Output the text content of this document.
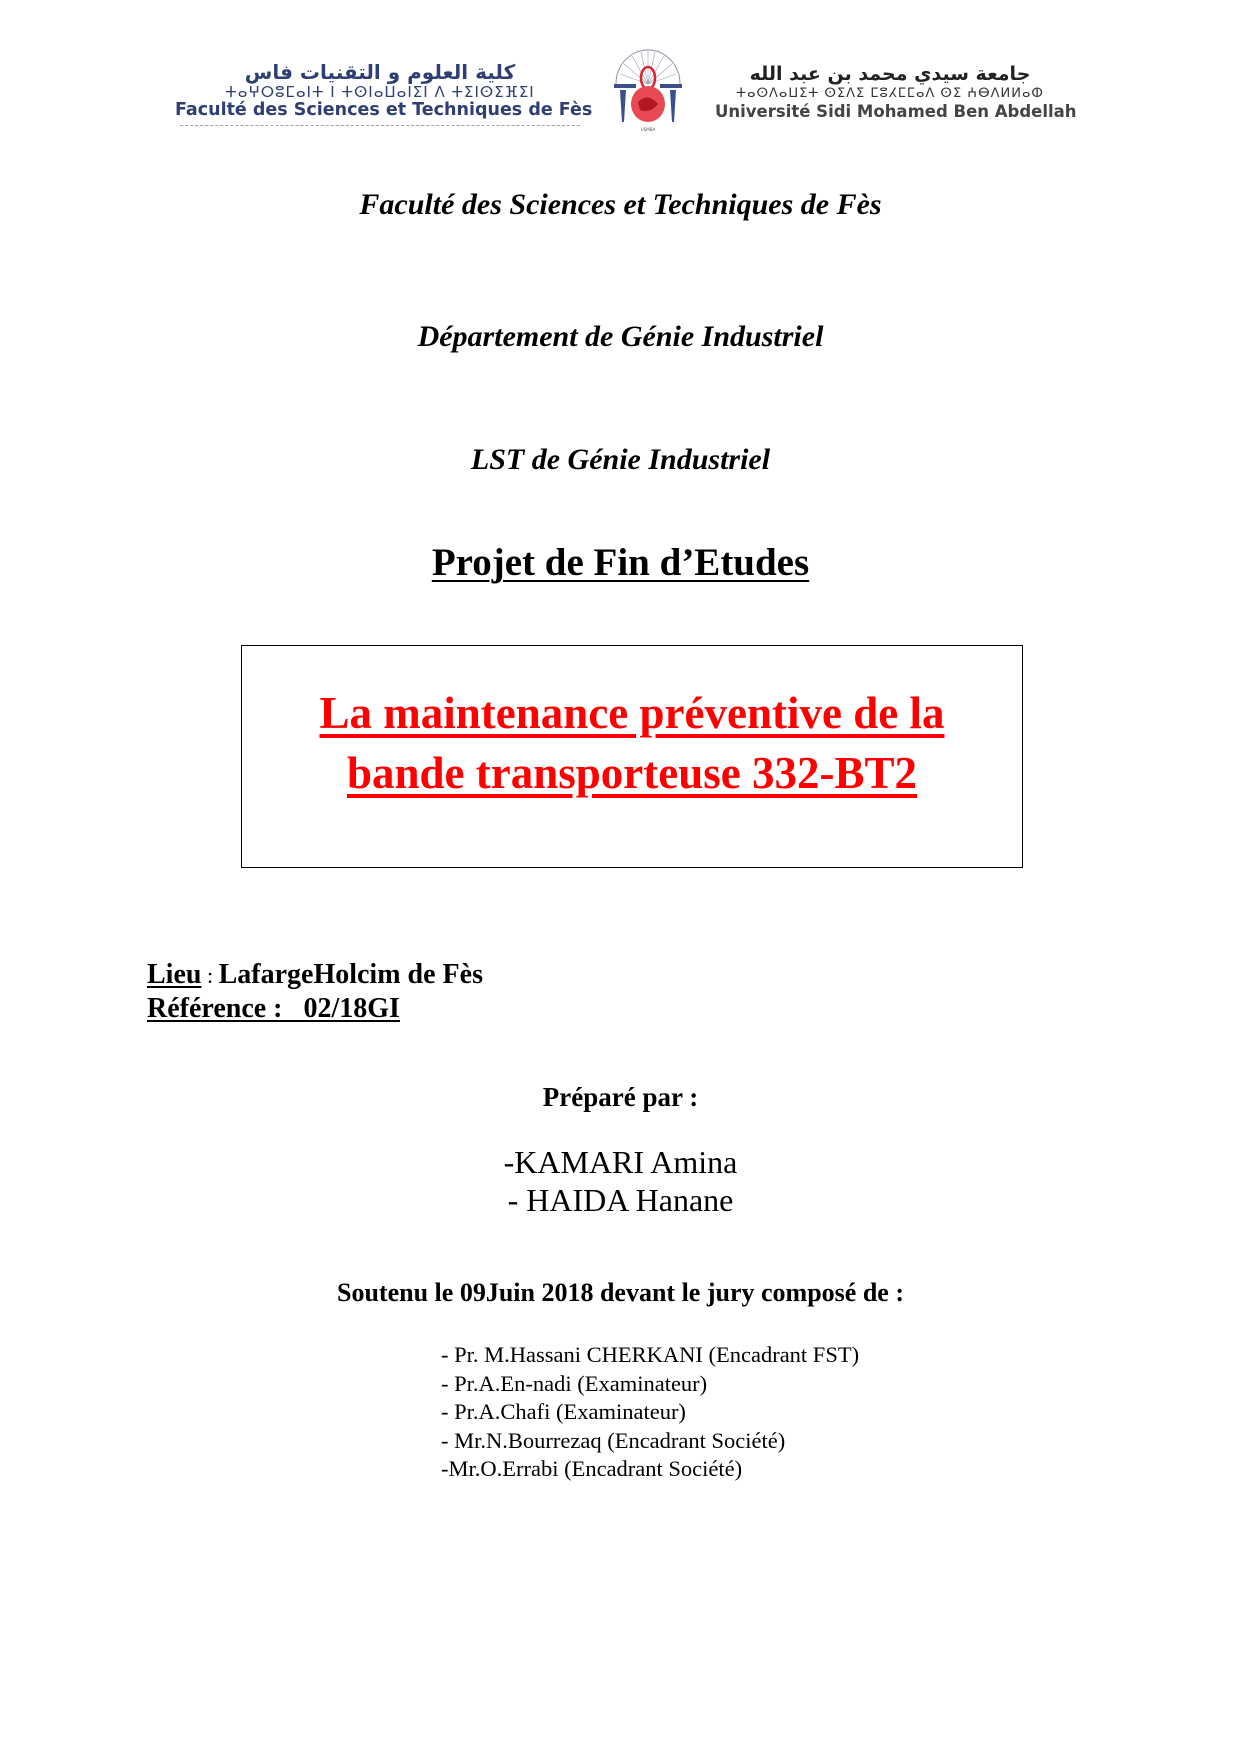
كلية العلوم و التقنيات فاس
ⵜⴰⵖⵔⵓⵎⴰⵏⵜ ⵏ ⵜⵙⵏⴰⵡⴰⵏⵉⵏ ⴷ ⵜⵉⵏⵙⵉⴼⵉⵏ
Faculté des Sciences et Techniques de Fès
USMBA
جامعة سيدي محمد بن عبد الله
ⵜⴰⵙⴷⴰⵡⵉⵜ ⵙⵉⴷⵉ ⵎⵓⵃⵎⵎⴰⴷ ⵙⵉ ⵄⴱⴷⵍⵍⴰⵀ
Université Sidi Mohamed Ben Abdellah
Faculté des Sciences et Techniques de Fès
Département de Génie Industriel
LST de Génie Industriel
Projet de Fin d’Etudes
La maintenance préventive de la
bande transporteuse 332-BT2
Lieu : LafargeHolcim de Fès
Référence :   02/18GI
Préparé par :
-KAMARI Amina
- HAIDA Hanane
Soutenu le 09Juin 2018 devant le jury composé de :
- Pr. M.Hassani CHERKANI (Encadrant FST)
- Pr.A.En-nadi (Examinateur)
- Pr.A.Chafi (Examinateur)
- Mr.N.Bourrezaq (Encadrant Société)
-Mr.O.Errabi (Encadrant Société)
